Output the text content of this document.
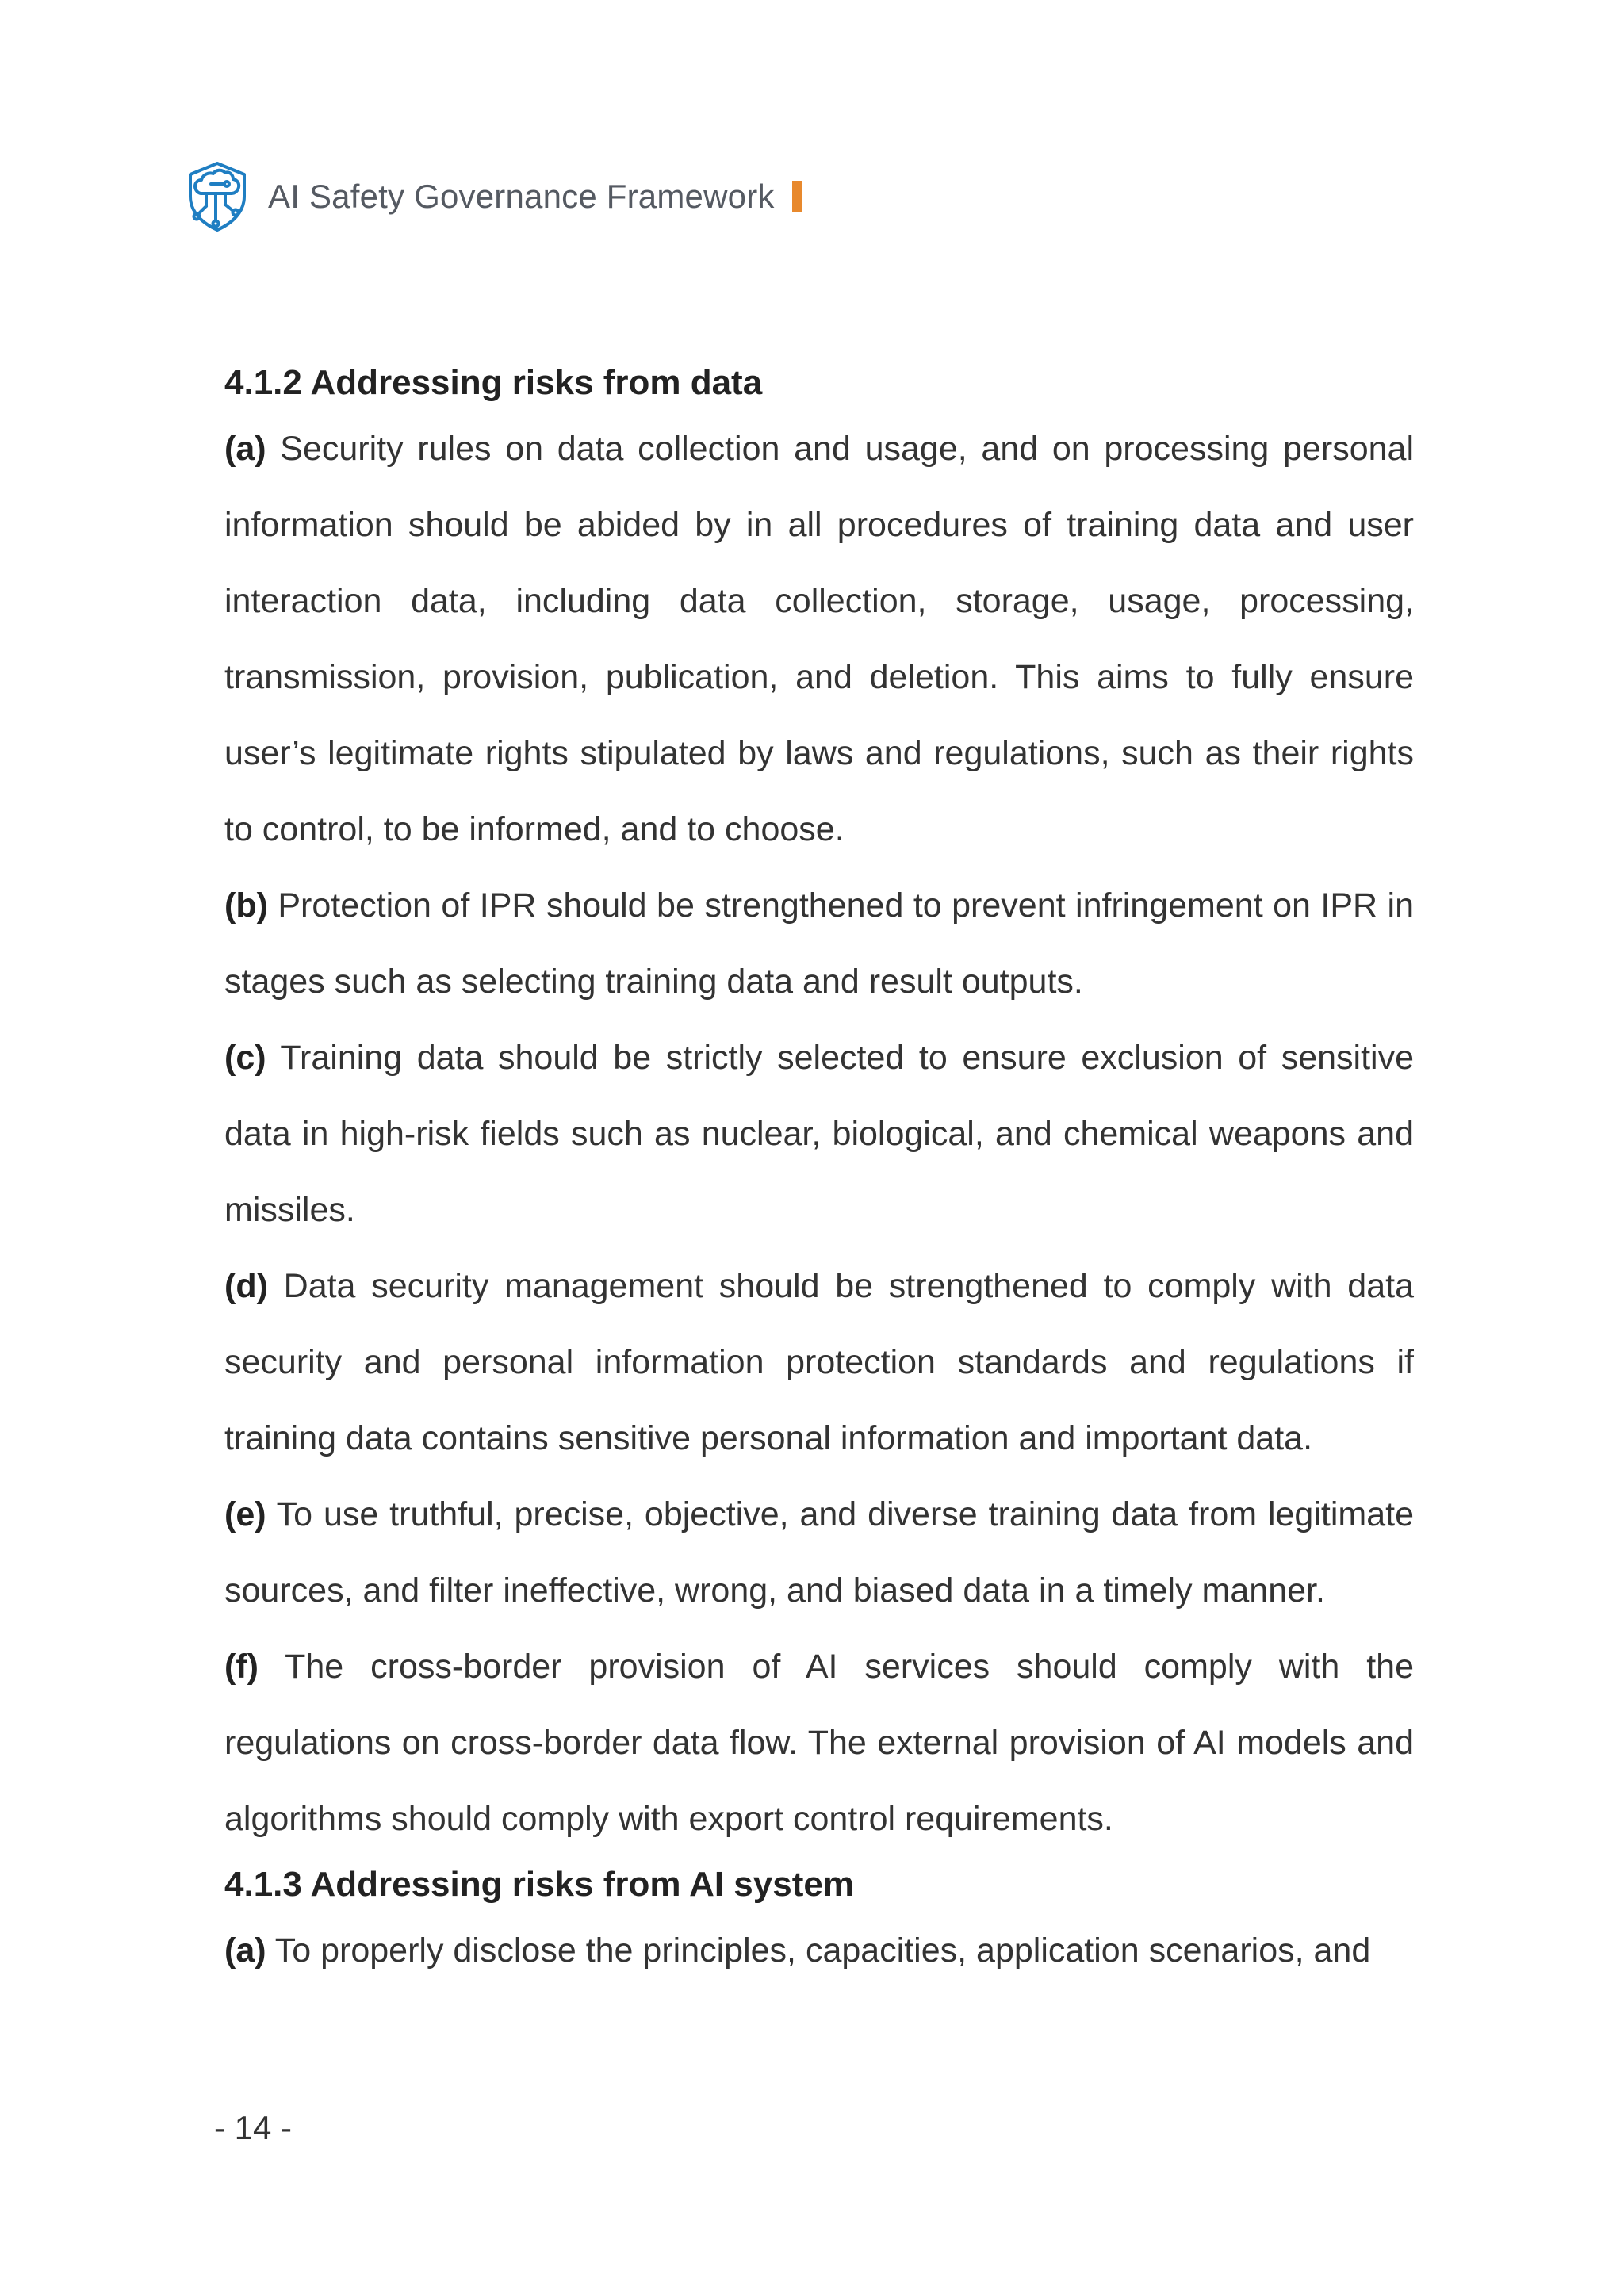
AI Safety Governance Framework
4.1.2 Addressing risks from data

(a) Security rules on data collection and usage, and on processing personal information should be abided by in all procedures of training data and user interaction data, including data collection, storage, usage, processing, transmission, provision, publication, and deletion. This aims to fully ensure user’s legitimate rights stipulated by laws and regulations, such as their rights to control, to be informed, and to choose.

(b) Protection of IPR should be strengthened to prevent infringement on IPR in stages such as selecting training data and result outputs.

(c) Training data should be strictly selected to ensure exclusion of sensitive data in high-risk fields such as nuclear, biological, and chemical weapons and missiles.

(d) Data security management should be strengthened to comply with data security and personal information protection standards and regulations if training data contains sensitive personal information and important data.

(e) To use truthful, precise, objective, and diverse training data from legitimate sources, and filter ineffective, wrong, and biased data in a timely manner.

(f) The cross-border provision of AI services should comply with the regulations on cross-border data flow. The external provision of AI models and algorithms should comply with export control requirements.

4.1.3 Addressing risks from AI system

(a) To properly disclose the principles, capacities, application scenarios, and

- 14 -
